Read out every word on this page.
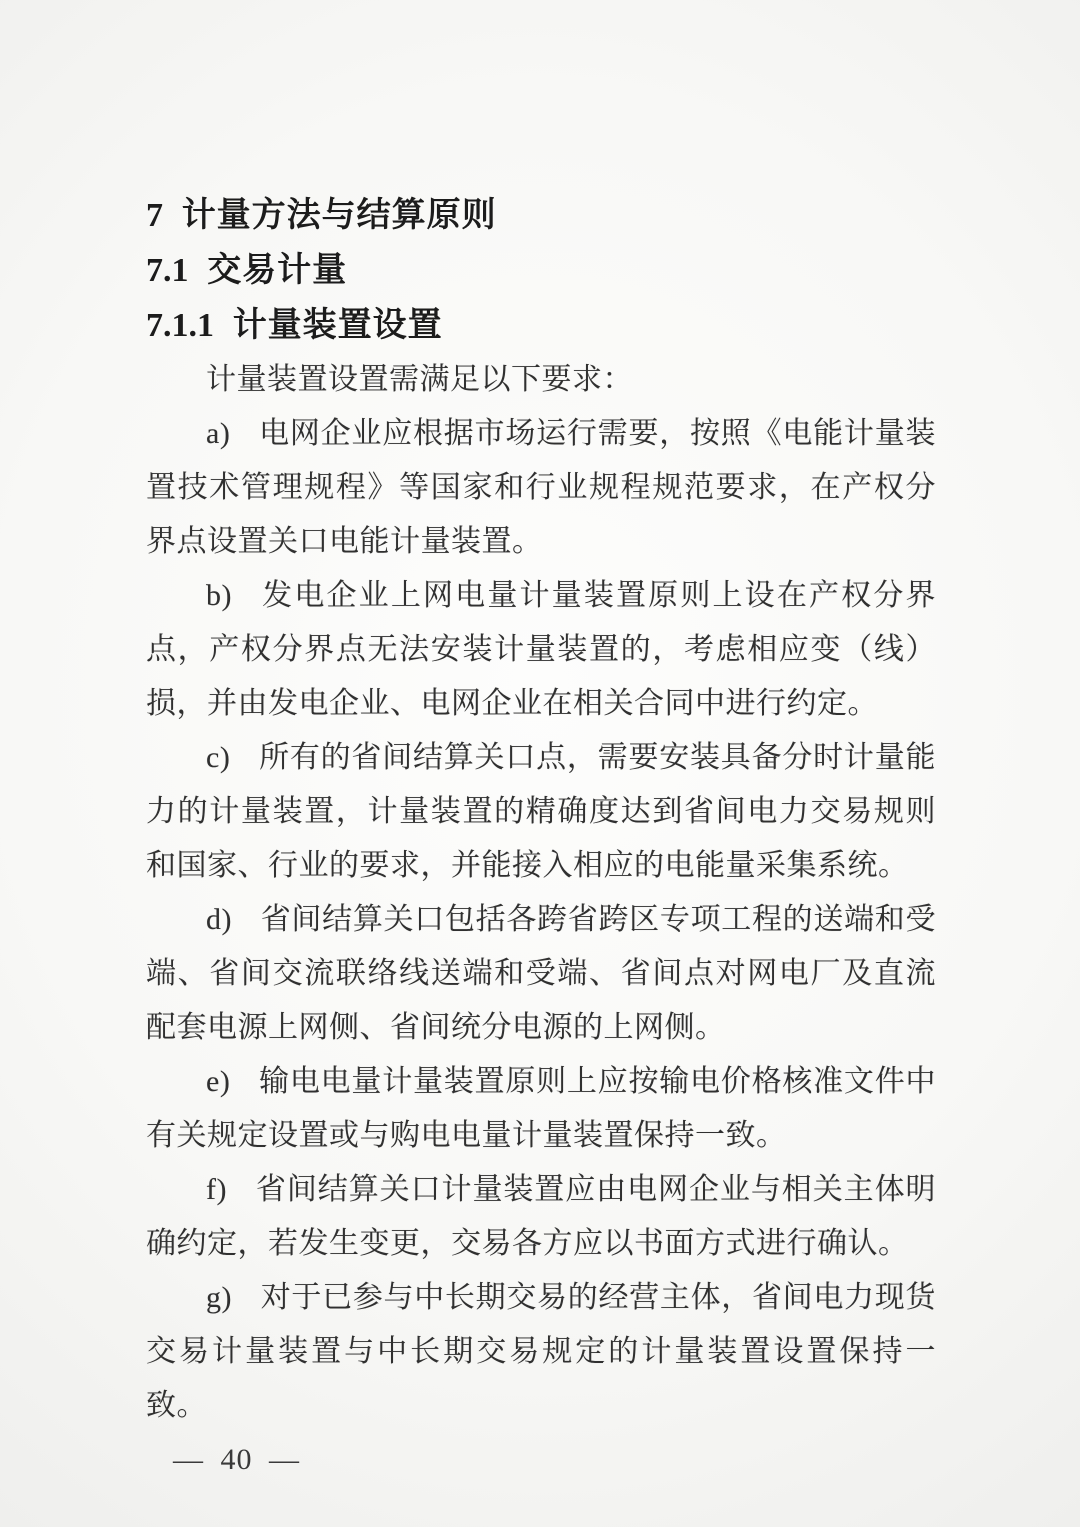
7 计量方法与结算原则
7.1 交易计量
7.1.1 计量装置设置

计量装置设置需满足以下要求：

a) 电网企业应根据市场运行需要，按照《电能计量装置技术管理规程》等国家和行业规程规范要求，在产权分界点设置关口电能计量装置。

b) 发电企业上网电量计量装置原则上设在产权分界点，产权分界点无法安装计量装置的，考虑相应变（线）损，并由发电企业、电网企业在相关合同中进行约定。

c) 所有的省间结算关口点，需要安装具备分时计量能力的计量装置，计量装置的精确度达到省间电力交易规则和国家、行业的要求，并能接入相应的电能量采集系统。

d) 省间结算关口包括各跨省跨区专项工程的送端和受端、省间交流联络线送端和受端、省间点对网电厂及直流配套电源上网侧、省间统分电源的上网侧。

e) 输电电量计量装置原则上应按输电价格核准文件中有关规定设置或与购电电量计量装置保持一致。

f) 省间结算关口计量装置应由电网企业与相关主体明确约定，若发生变更，交易各方应以书面方式进行确认。

g) 对于已参与中长期交易的经营主体，省间电力现货交易计量装置与中长期交易规定的计量装置设置保持一致。

— 40 —
